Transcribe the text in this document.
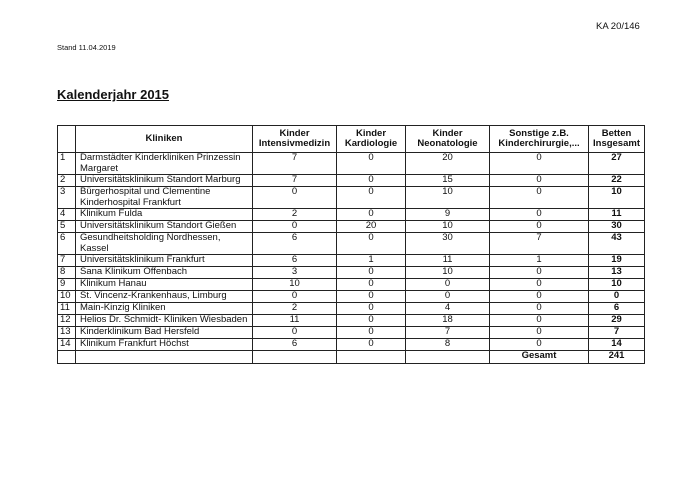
KA 20/146
Stand 11.04.2019
Kalenderjahr 2015
	Kliniken	Kinder Intensivmedizin	Kinder Kardiologie	Kinder Neonatologie	Sonstige z.B. Kinderchirurgie,...	Betten Insgesamt
1	Darmstädter Kinderkliniken Prinzessin Margaret	7	0	20	0	27
2	Universitätsklinikum Standort Marburg	7	0	15	0	22
3	Bürgerhospital und Clementine Kinderhospital Frankfurt	0	0	10	0	10
4	Klinikum Fulda	2	0	9	0	11
5	Universitätsklinikum Standort Gießen	0	20	10	0	30
6	Gesundheitsholding Nordhessen, Kassel	6	0	30	7	43
7	Universitätsklinikum Frankfurt	6	1	11	1	19
8	Sana Klinikum Offenbach	3	0	10	0	13
9	Klinikum Hanau	10	0	0	0	10
10	St. Vincenz-Krankenhaus, Limburg	0	0	0	0	0
11	Main-Kinzig Kliniken	2	0	4	0	6
12	Helios Dr. Schmidt- Kliniken Wiesbaden	11	0	18	0	29
13	Kinderklinikum Bad Hersfeld	0	0	7	0	7
14	Klinikum Frankfurt Höchst	6	0	8	0	14
					Gesamt	241
